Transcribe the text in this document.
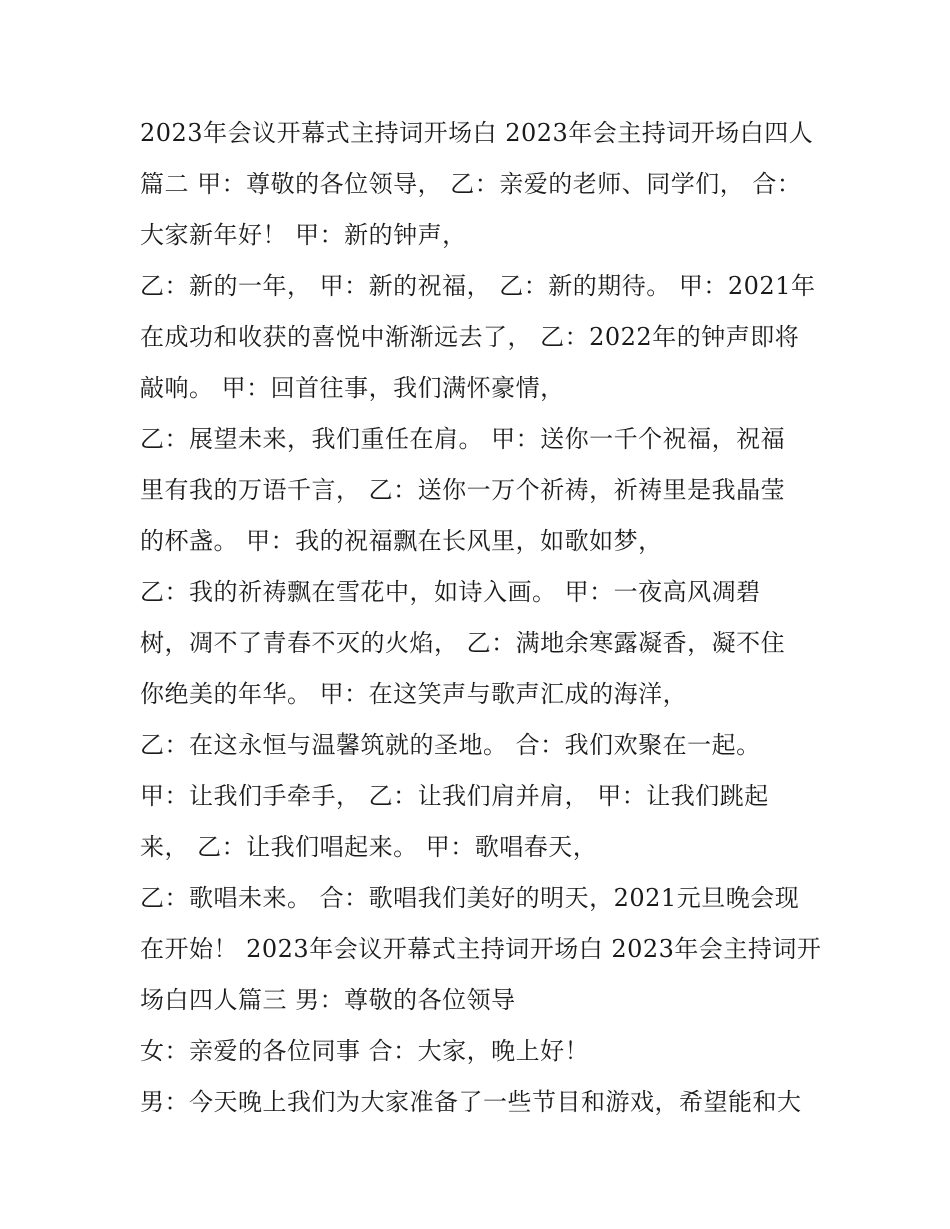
2023年会议开幕式主持词开场白 2023年会主持词开场白四人
篇二 甲：尊敬的各位领导， 乙：亲爱的老师、同学们， 合：
大家新年好！ 甲：新的钟声，
乙：新的一年， 甲：新的祝福， 乙：新的期待。 甲：2021年
在成功和收获的喜悦中渐渐远去了， 乙：2022年的钟声即将
敲响。 甲：回首往事，我们满怀豪情，
乙：展望未来，我们重任在肩。 甲：送你一千个祝福，祝福
里有我的万语千言， 乙：送你一万个祈祷，祈祷里是我晶莹
的杯盏。 甲：我的祝福飘在长风里，如歌如梦，
乙：我的祈祷飘在雪花中，如诗入画。 甲：一夜高风凋碧
树，凋不了青春不灭的火焰， 乙：满地余寒露凝香，凝不住
你绝美的年华。 甲：在这笑声与歌声汇成的海洋，
乙：在这永恒与温馨筑就的圣地。 合：我们欢聚在一起。
甲：让我们手牵手， 乙：让我们肩并肩， 甲：让我们跳起
来， 乙：让我们唱起来。 甲：歌唱春天，
乙：歌唱未来。 合：歌唱我们美好的明天，2021元旦晚会现
在开始！ 2023年会议开幕式主持词开场白 2023年会主持词开
场白四人篇三 男：尊敬的各位领导
女：亲爱的各位同事 合：大家，晚上好！
男：今天晚上我们为大家准备了一些节目和游戏，希望能和大
